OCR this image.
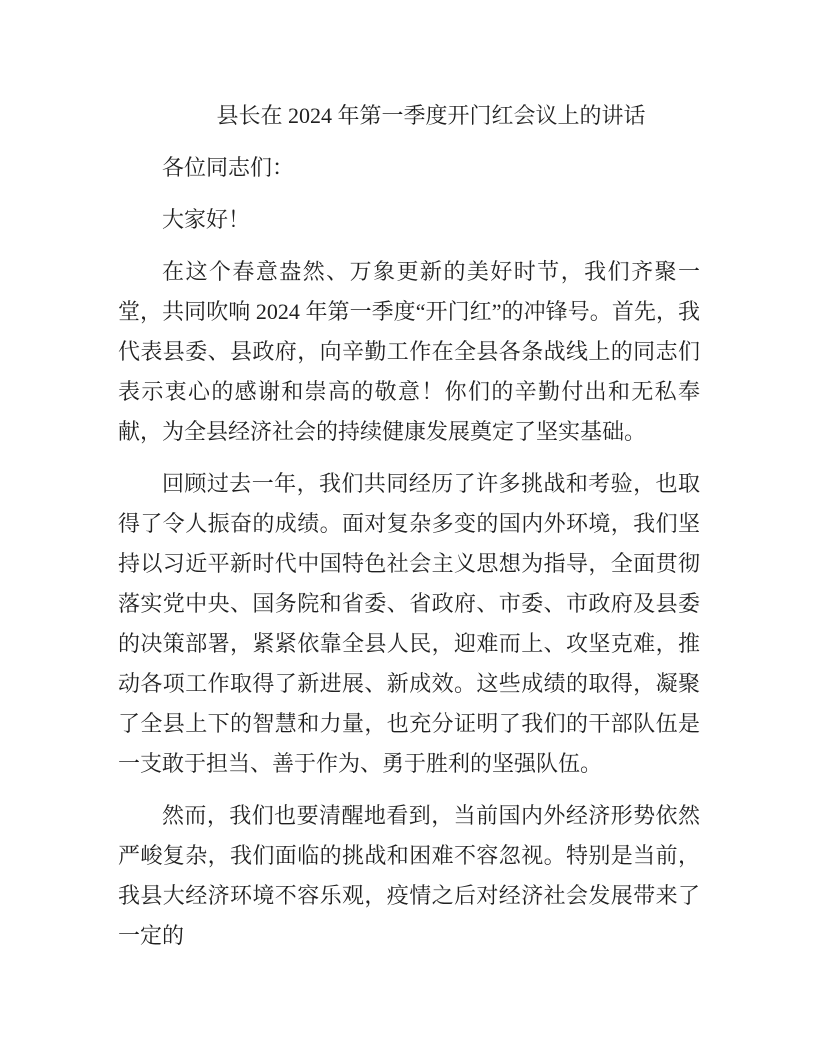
县长在 2024 年第一季度开门红会议上的讲话

各位同志们：

大家好！

在这个春意盎然、万象更新的美好时节，我们齐聚一堂，共同吹响 2024 年第一季度“开门红”的冲锋号。首先，我代表县委、县政府，向辛勤工作在全县各条战线上的同志们表示衷心的感谢和崇高的敬意！你们的辛勤付出和无私奉献，为全县经济社会的持续健康发展奠定了坚实基础。

回顾过去一年，我们共同经历了许多挑战和考验，也取得了令人振奋的成绩。面对复杂多变的国内外环境，我们坚持以习近平新时代中国特色社会主义思想为指导，全面贯彻落实党中央、国务院和省委、省政府、市委、市政府及县委的决策部署，紧紧依靠全县人民，迎难而上、攻坚克难，推动各项工作取得了新进展、新成效。这些成绩的取得，凝聚了全县上下的智慧和力量，也充分证明了我们的干部队伍是一支敢于担当、善于作为、勇于胜利的坚强队伍。

然而，我们也要清醒地看到，当前国内外经济形势依然严峻复杂，我们面临的挑战和困难不容忽视。特别是当前，我县大经济环境不容乐观，疫情之后对经济社会发展带来了一定的
